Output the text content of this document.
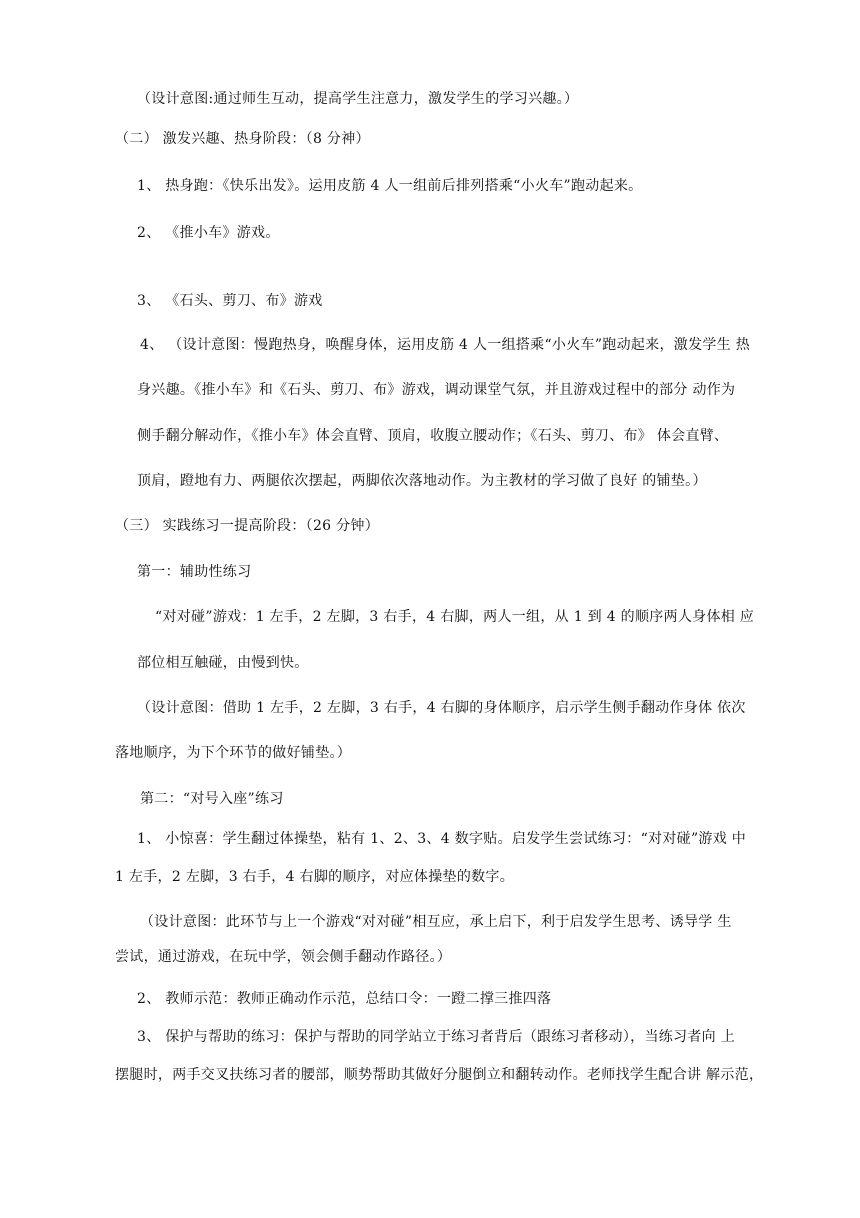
（设计意图:通过师生互动，提高学生注意力，激发学生的学习兴趣。）
（二） 激发兴趣、热身阶段：（8 分神）
1、 热身跑：《快乐出发》。运用皮筋 4 人一组前后排列搭乘“小火车”跑动起来。
2、 《推小车》游戏。
3、 《石头、剪刀、布》游戏
4、 （设计意图：慢跑热身，唤醒身体，运用皮筋 4 人一组搭乘“小火车”跑动起来，激发学生 热
身兴趣。《推小车》和《石头、剪刀、布》游戏，调动课堂气氛，并且游戏过程中的部分 动作为
侧手翻分解动作，《推小车》体会直臂、顶肩，收腹立腰动作；《石头、剪刀、布》 体会直臂、
顶肩，蹬地有力、两腿依次摆起，两脚依次落地动作。为主教材的学习做了良好 的铺垫。）
（三） 实践练习一提高阶段：（26 分钟）
第一：辅助性练习
“对对碰”游戏：1 左手，2 左脚，3 右手，4 右脚，两人一组，从 1 到 4 的顺序两人身体相 应
部位相互触碰，由慢到快。
（设计意图：借助 1 左手，2 左脚，3 右手，4 右脚的身体顺序，启示学生侧手翻动作身体 依次
落地顺序，为下个环节的做好铺垫。）
第二：“对号入座”练习
1、 小惊喜：学生翻过体操垫，粘有 1、2、3、4 数字贴。启发学生尝试练习：“对对碰”游戏 中
1 左手，2 左脚，3 右手，4 右脚的顺序，对应体操垫的数字。
（设计意图：此环节与上一个游戏“对对碰”相互应，承上启下，利于启发学生思考、诱导学 生
尝试，通过游戏，在玩中学，领会侧手翻动作路径。）
2、 教师示范：教师正确动作示范，总结口令：一蹬二撑三推四落
3、 保护与帮助的练习：保护与帮助的同学站立于练习者背后（跟练习者移动），当练习者向 上
摆腿时，两手交叉扶练习者的腰部，顺势帮助其做好分腿倒立和翻转动作。老师找学生配合讲 解示范，
